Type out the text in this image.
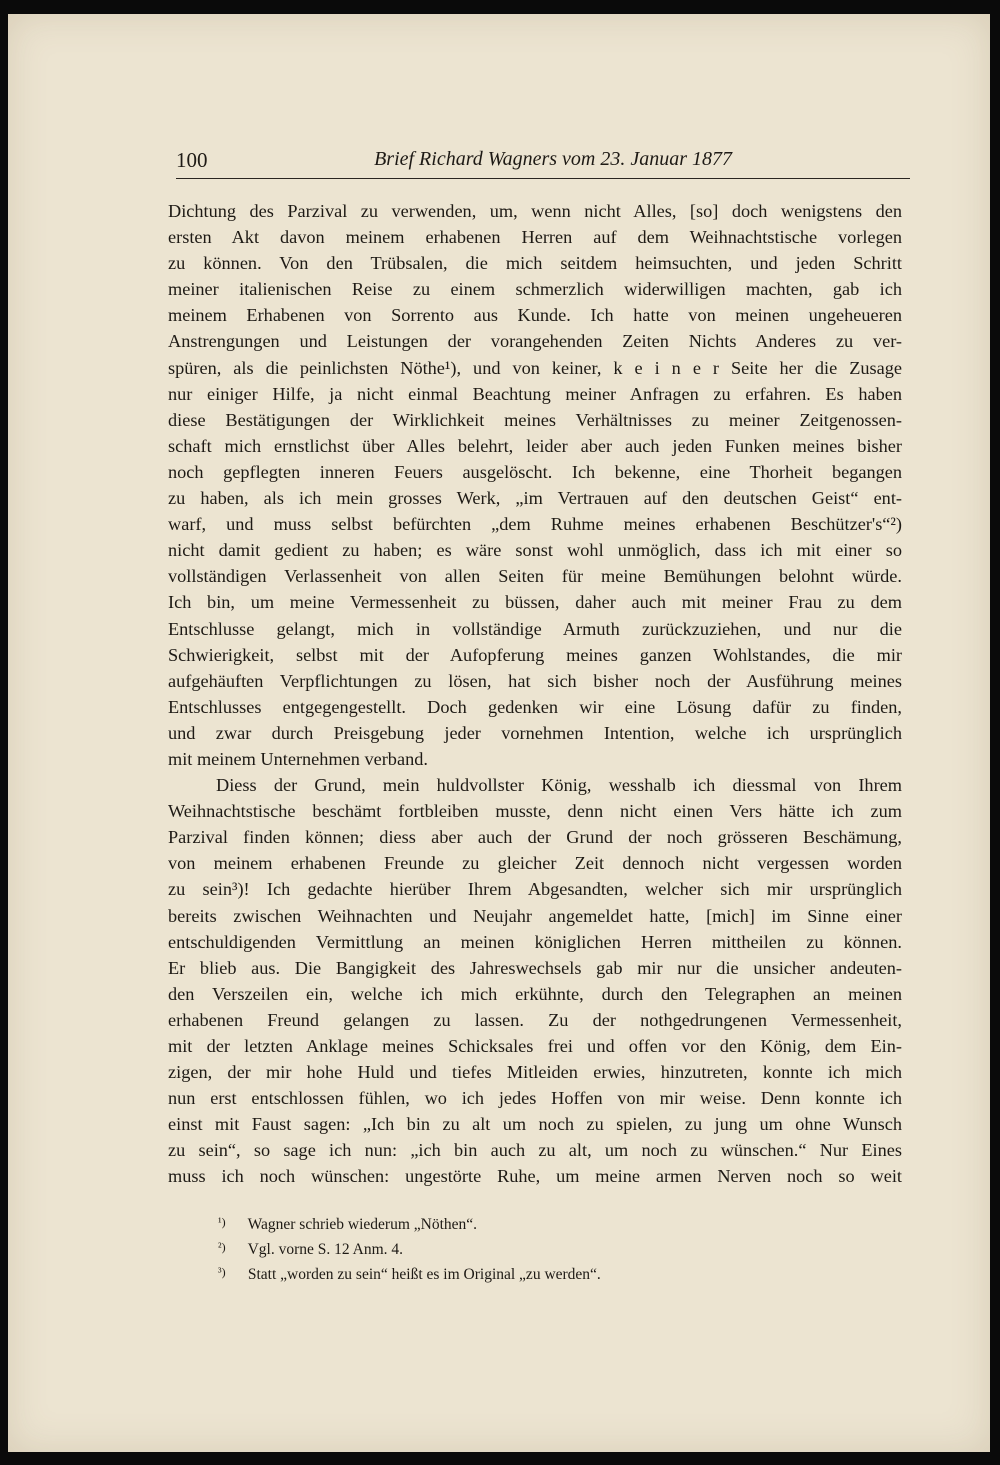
100	Brief Richard Wagners vom 23. Januar 1877
Dichtung des Parzival zu verwenden, um, wenn nicht Alles, [so] doch wenigstens den
ersten Akt davon meinem erhabenen Herren auf dem Weihnachtstische vorlegen
zu können. Von den Trübsalen, die mich seitdem heimsuchten, und jeden Schritt
meiner italienischen Reise zu einem schmerzlich widerwilligen machten, gab ich
meinem Erhabenen von Sorrento aus Kunde. Ich hatte von meinen ungeheueren
Anstrengungen und Leistungen der vorangehenden Zeiten Nichts Anderes zu ver-
spüren, als die peinlichsten Nöthe¹), und von keiner, k e i n e r Seite her die Zusage
nur einiger Hilfe, ja nicht einmal Beachtung meiner Anfragen zu erfahren. Es haben
diese Bestätigungen der Wirklichkeit meines Verhältnisses zu meiner Zeitgenossen-
schaft mich ernstlichst über Alles belehrt, leider aber auch jeden Funken meines bisher
noch gepflegten inneren Feuers ausgelöscht. Ich bekenne, eine Thorheit begangen
zu haben, als ich mein grosses Werk, „im Vertrauen auf den deutschen Geist“ ent-
warf, und muss selbst befürchten „dem Ruhme meines erhabenen Beschützer's“²)
nicht damit gedient zu haben; es wäre sonst wohl unmöglich, dass ich mit einer so
vollständigen Verlassenheit von allen Seiten für meine Bemühungen belohnt würde.
Ich bin, um meine Vermessenheit zu büssen, daher auch mit meiner Frau zu dem
Entschlusse gelangt, mich in vollständige Armuth zurückzuziehen, und nur die
Schwierigkeit, selbst mit der Aufopferung meines ganzen Wohlstandes, die mir
aufgehäuften Verpflichtungen zu lösen, hat sich bisher noch der Ausführung meines
Entschlusses entgegengestellt. Doch gedenken wir eine Lösung dafür zu finden,
und zwar durch Preisgebung jeder vornehmen Intention, welche ich ursprünglich
mit meinem Unternehmen verband.
Diess der Grund, mein huldvollster König, wesshalb ich diessmal von Ihrem
Weihnachtstische beschämt fortbleiben musste, denn nicht einen Vers hätte ich zum
Parzival finden können; diess aber auch der Grund der noch grösseren Beschämung,
von meinem erhabenen Freunde zu gleicher Zeit dennoch nicht vergessen worden
zu sein³)! Ich gedachte hierüber Ihrem Abgesandten, welcher sich mir ursprünglich
bereits zwischen Weihnachten und Neujahr angemeldet hatte, [mich] im Sinne einer
entschuldigenden Vermittlung an meinen königlichen Herren mittheilen zu können.
Er blieb aus. Die Bangigkeit des Jahreswechsels gab mir nur die unsicher andeuten-
den Verszeilen ein, welche ich mich erkühnte, durch den Telegraphen an meinen
erhabenen Freund gelangen zu lassen. Zu der nothgedrungenen Vermessenheit,
mit der letzten Anklage meines Schicksales frei und offen vor den König, dem Ein-
zigen, der mir hohe Huld und tiefes Mitleiden erwies, hinzutreten, konnte ich mich
nun erst entschlossen fühlen, wo ich jedes Hoffen von mir weise. Denn konnte ich
einst mit Faust sagen: „Ich bin zu alt um noch zu spielen, zu jung um ohne Wunsch
zu sein“, so sage ich nun: „ich bin auch zu alt, um noch zu wünschen.“ Nur Eines
muss ich noch wünschen: ungestörte Ruhe, um meine armen Nerven noch so weit
¹) Wagner schrieb wiederum „Nöthen“.
²) Vgl. vorne S. 12 Anm. 4.
³) Statt „worden zu sein“ heißt es im Original „zu werden“.
